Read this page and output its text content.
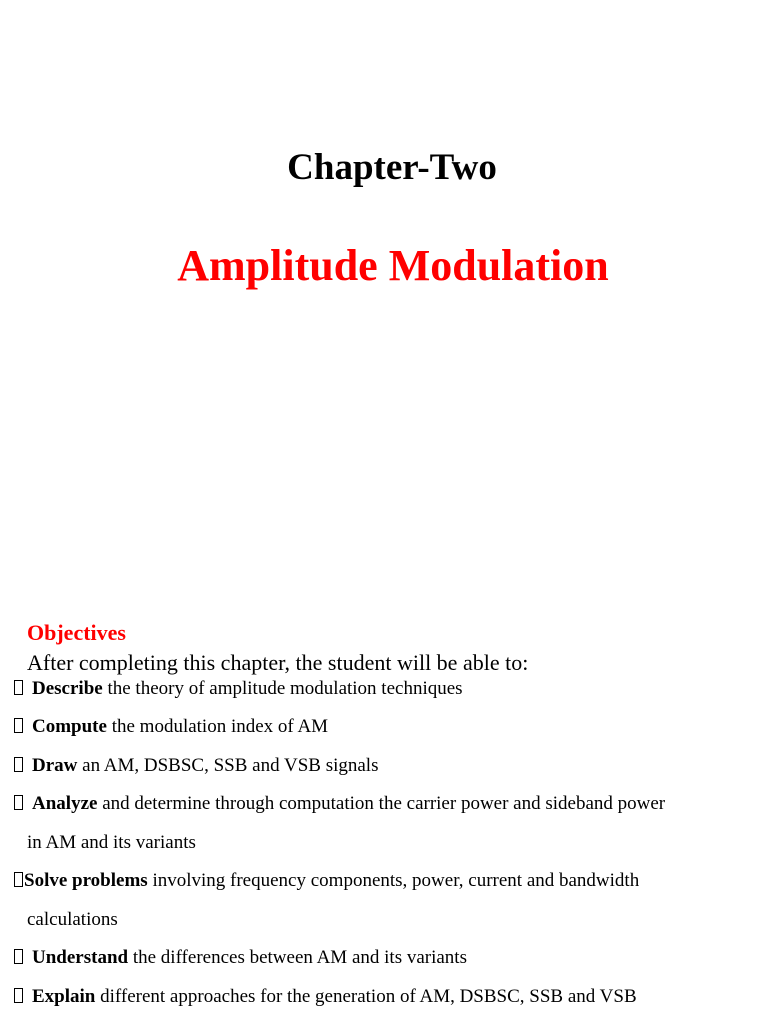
Chapter-Two
Amplitude Modulation
Objectives
After completing this chapter, the student will be able to:
Describe the theory of amplitude modulation techniques
Compute the modulation index of AM
Draw an AM, DSBSC, SSB and VSB signals
Analyze and determine through computation the carrier power and sideband power
in AM and its variants
Solve problems involving frequency components, power, current and bandwidth
calculations
Understand the differences between AM and its variants
Explain different approaches for the generation of AM, DSBSC, SSB and VSB
